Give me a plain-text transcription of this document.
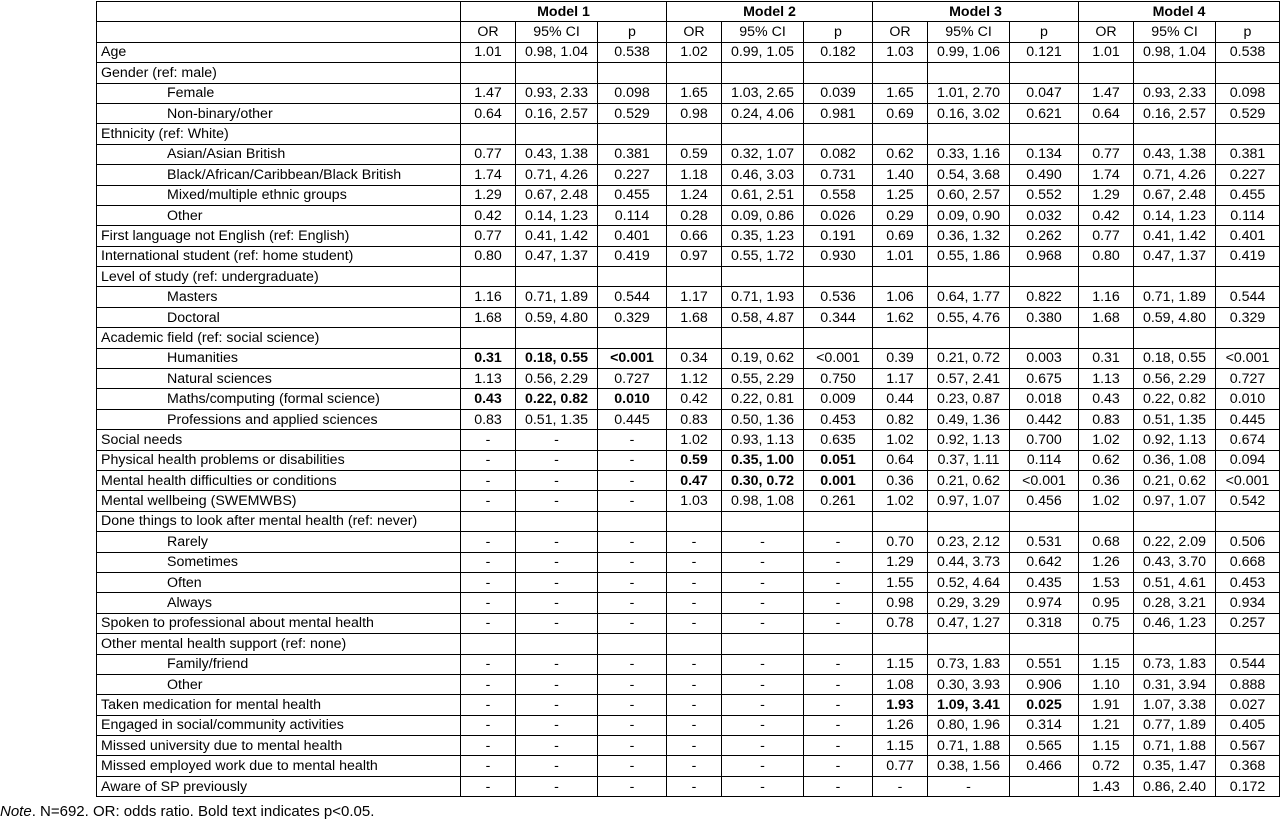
	Model 1			Model 2			Model 3			Model 4		
	OR	95% CI	p	OR	95% CI	p	OR	95% CI	p	OR	95% CI	p
Age	1.01	0.98, 1.04	0.538	1.02	0.99, 1.05	0.182	1.03	0.99, 1.06	0.121	1.01	0.98, 1.04	0.538
Gender (ref: male)												
Female	1.47	0.93, 2.33	0.098	1.65	1.03, 2.65	0.039	1.65	1.01, 2.70	0.047	1.47	0.93, 2.33	0.098
Non-binary/other	0.64	0.16, 2.57	0.529	0.98	0.24, 4.06	0.981	0.69	0.16, 3.02	0.621	0.64	0.16, 2.57	0.529
Ethnicity (ref: White)												
Asian/Asian British	0.77	0.43, 1.38	0.381	0.59	0.32, 1.07	0.082	0.62	0.33, 1.16	0.134	0.77	0.43, 1.38	0.381
Black/African/Caribbean/Black British	1.74	0.71, 4.26	0.227	1.18	0.46, 3.03	0.731	1.40	0.54, 3.68	0.490	1.74	0.71, 4.26	0.227
Mixed/multiple ethnic groups	1.29	0.67, 2.48	0.455	1.24	0.61, 2.51	0.558	1.25	0.60, 2.57	0.552	1.29	0.67, 2.48	0.455
Other	0.42	0.14, 1.23	0.114	0.28	0.09, 0.86	0.026	0.29	0.09, 0.90	0.032	0.42	0.14, 1.23	0.114
First language not English (ref: English)	0.77	0.41, 1.42	0.401	0.66	0.35, 1.23	0.191	0.69	0.36, 1.32	0.262	0.77	0.41, 1.42	0.401
International student (ref: home student)	0.80	0.47, 1.37	0.419	0.97	0.55, 1.72	0.930	1.01	0.55, 1.86	0.968	0.80	0.47, 1.37	0.419
Level of study (ref: undergraduate)												
Masters	1.16	0.71, 1.89	0.544	1.17	0.71, 1.93	0.536	1.06	0.64, 1.77	0.822	1.16	0.71, 1.89	0.544
Doctoral	1.68	0.59, 4.80	0.329	1.68	0.58, 4.87	0.344	1.62	0.55, 4.76	0.380	1.68	0.59, 4.80	0.329
Academic field (ref: social science)												
Humanities	0.31	0.18, 0.55	<0.001	0.34	0.19, 0.62	<0.001	0.39	0.21, 0.72	0.003	0.31	0.18, 0.55	<0.001
Natural sciences	1.13	0.56, 2.29	0.727	1.12	0.55, 2.29	0.750	1.17	0.57, 2.41	0.675	1.13	0.56, 2.29	0.727
Maths/computing (formal science)	0.43	0.22, 0.82	0.010	0.42	0.22, 0.81	0.009	0.44	0.23, 0.87	0.018	0.43	0.22, 0.82	0.010
Professions and applied sciences	0.83	0.51, 1.35	0.445	0.83	0.50, 1.36	0.453	0.82	0.49, 1.36	0.442	0.83	0.51, 1.35	0.445
Social needs	-	-	-	1.02	0.93, 1.13	0.635	1.02	0.92, 1.13	0.700	1.02	0.92, 1.13	0.674
Physical health problems or disabilities	-	-	-	0.59	0.35, 1.00	0.051	0.64	0.37, 1.11	0.114	0.62	0.36, 1.08	0.094
Mental health difficulties or conditions	-	-	-	0.47	0.30, 0.72	0.001	0.36	0.21, 0.62	<0.001	0.36	0.21, 0.62	<0.001
Mental wellbeing (SWEMWBS)	-	-	-	1.03	0.98, 1.08	0.261	1.02	0.97, 1.07	0.456	1.02	0.97, 1.07	0.542
Done things to look after mental health (ref: never)												
Rarely	-	-	-	-	-	-	0.70	0.23, 2.12	0.531	0.68	0.22, 2.09	0.506
Sometimes	-	-	-	-	-	-	1.29	0.44, 3.73	0.642	1.26	0.43, 3.70	0.668
Often	-	-	-	-	-	-	1.55	0.52, 4.64	0.435	1.53	0.51, 4.61	0.453
Always	-	-	-	-	-	-	0.98	0.29, 3.29	0.974	0.95	0.28, 3.21	0.934
Spoken to professional about mental health	-	-	-	-	-	-	0.78	0.47, 1.27	0.318	0.75	0.46, 1.23	0.257
Other mental health support (ref: none)												
Family/friend	-	-	-	-	-	-	1.15	0.73, 1.83	0.551	1.15	0.73, 1.83	0.544
Other	-	-	-	-	-	-	1.08	0.30, 3.93	0.906	1.10	0.31, 3.94	0.888
Taken medication for mental health	-	-	-	-	-	-	1.93	1.09, 3.41	0.025	1.91	1.07, 3.38	0.027
Engaged in social/community activities	-	-	-	-	-	-	1.26	0.80, 1.96	0.314	1.21	0.77, 1.89	0.405
Missed university due to mental health	-	-	-	-	-	-	1.15	0.71, 1.88	0.565	1.15	0.71, 1.88	0.567
Missed employed work due to mental health	-	-	-	-	-	-	0.77	0.38, 1.56	0.466	0.72	0.35, 1.47	0.368
Aware of SP previously	-	-	-	-	-	-	-	-		1.43	0.86, 2.40	0.172
Note. N=692. OR: odds ratio. Bold text indicates p<0.05.
